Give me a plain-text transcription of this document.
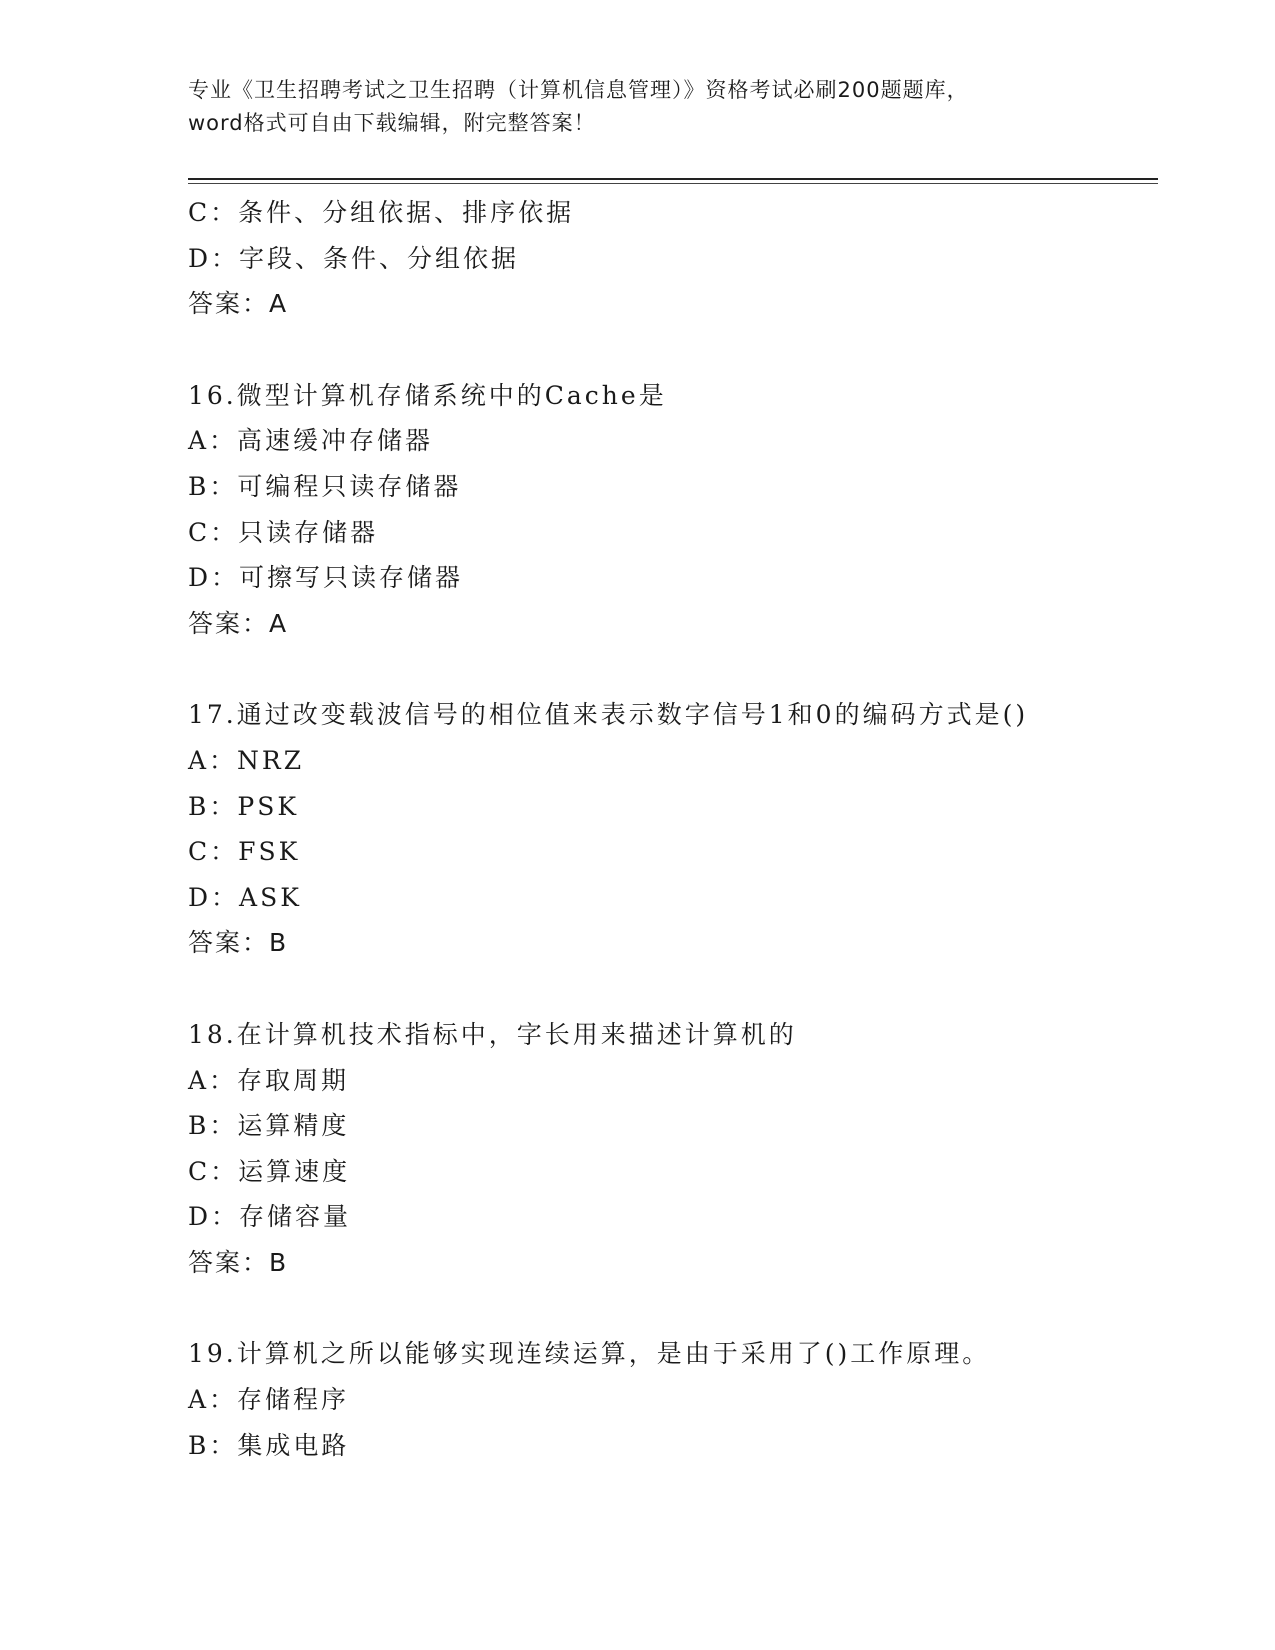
专业《卫生招聘考试之卫生招聘（计算机信息管理）》资格考试必刷200题题库，
word格式可自由下载编辑，附完整答案！
C：条件、分组依据、排序依据
D：字段、条件、分组依据
答案：A
16.微型计算机存储系统中的Cache是
A：高速缓冲存储器
B：可编程只读存储器
C：只读存储器
D：可擦写只读存储器
答案：A
17.通过改变载波信号的相位值来表示数字信号1和0的编码方式是()
A：NRZ
B：PSK
C：FSK
D：ASK
答案：B
18.在计算机技术指标中，字长用来描述计算机的
A：存取周期
B：运算精度
C：运算速度
D：存储容量
答案：B
19.计算机之所以能够实现连续运算，是由于采用了()工作原理。
A：存储程序
B：集成电路
